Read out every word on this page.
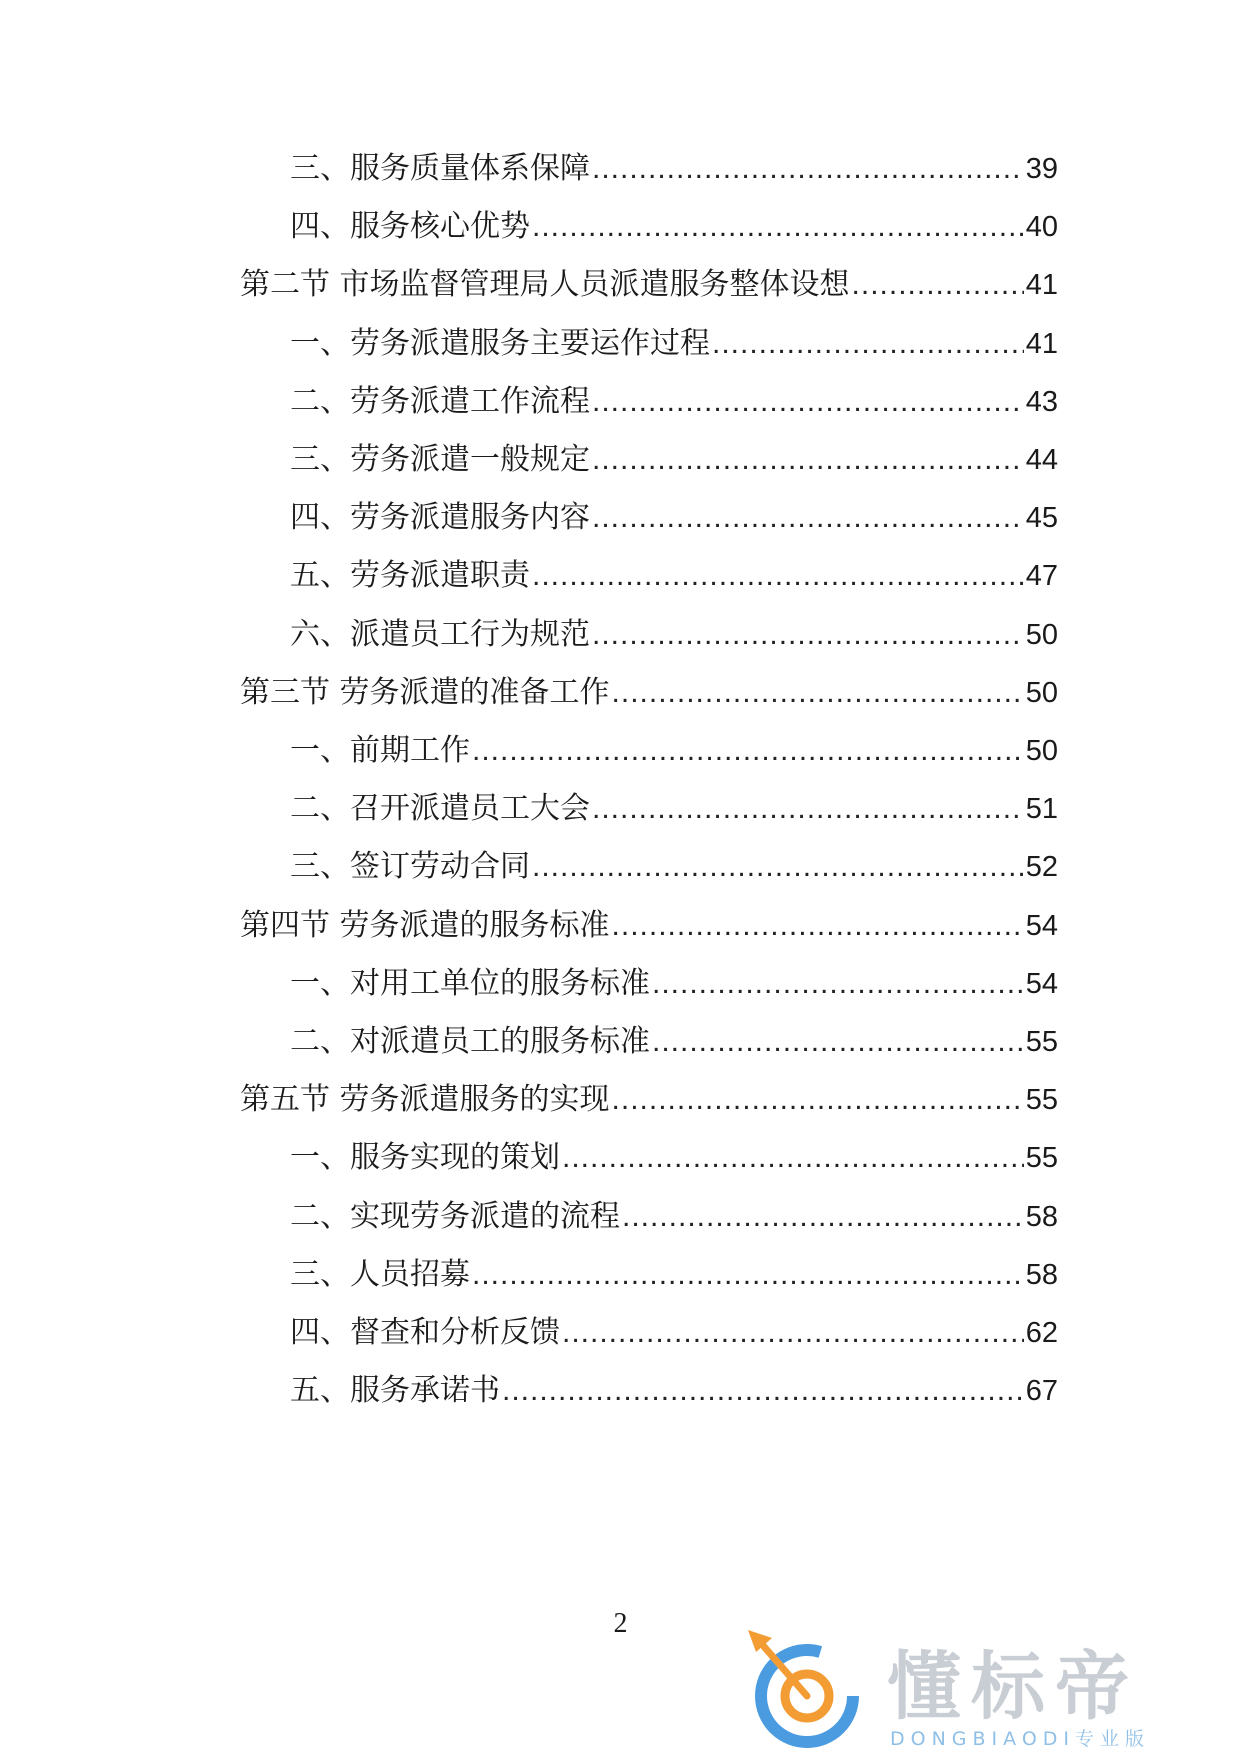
三、服务质量体系保障 .....	39
四、服务核心优势 .....	40
第二节 市场监督管理局人员派遣服务整体设想 .....	41
一、劳务派遣服务主要运作过程 .....	41
二、劳务派遣工作流程 .....	43
三、劳务派遣一般规定 .....	44
四、劳务派遣服务内容 .....	45
五、劳务派遣职责 .....	47
六、派遣员工行为规范 .....	50
第三节 劳务派遣的准备工作 .....	50
一、前期工作 .....	50
二、召开派遣员工大会 .....	51
三、签订劳动合同 .....	52
第四节 劳务派遣的服务标准 .....	54
一、对用工单位的服务标准 .....	54
二、对派遣员工的服务标准 .....	55
第五节 劳务派遣服务的实现 .....	55
一、服务实现的策划 .....	55
二、实现劳务派遣的流程 .....	58
三、人员招募 .....	58
四、督查和分析反馈 .....	62
五、服务承诺书 .....	67
2
懂标帝
DONGBIAODI专业版
